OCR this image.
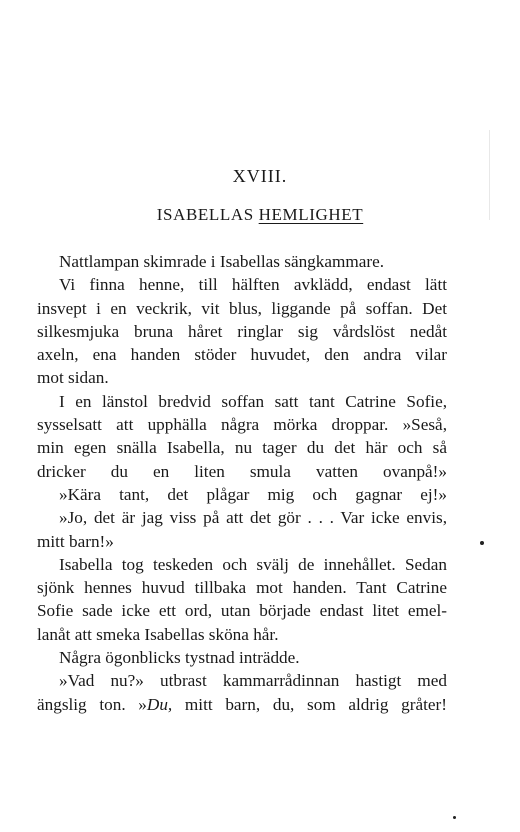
XVIII.
ISABELLAS HEMLIGHET
Nattlampan skimrade i Isabellas sängkammare.
Vi finna henne, till hälften avklädd, endast lätt
insvept i en veckrik, vit blus, liggande på soffan. Det
silkesmjuka bruna håret ringlar sig vårdslöst nedåt
axeln, ena handen stöder huvudet, den andra vilar
mot sidan.
I en länstol bredvid soffan satt tant Catrine Sofie,
sysselsatt att upphälla några mörka droppar. »Seså,
min egen snälla Isabella, nu tager du det här och så
dricker du en liten smula vatten ovanpå!»
»Kära tant, det plågar mig och gagnar ej!»
»Jo, det är jag viss på att det gör . . . Var icke envis,
mitt barn!»
Isabella tog teskeden och svälj de innehållet. Sedan
sjönk hennes huvud tillbaka mot handen. Tant Catrine
Sofie sade icke ett ord, utan började endast litet emel-
lanåt att smeka Isabellas sköna hår.
Några ögonblicks tystnad inträdde.
»Vad nu?» utbrast kammarrådinnan hastigt med
ängslig ton. »Du, mitt barn, du, som aldrig gråter!
